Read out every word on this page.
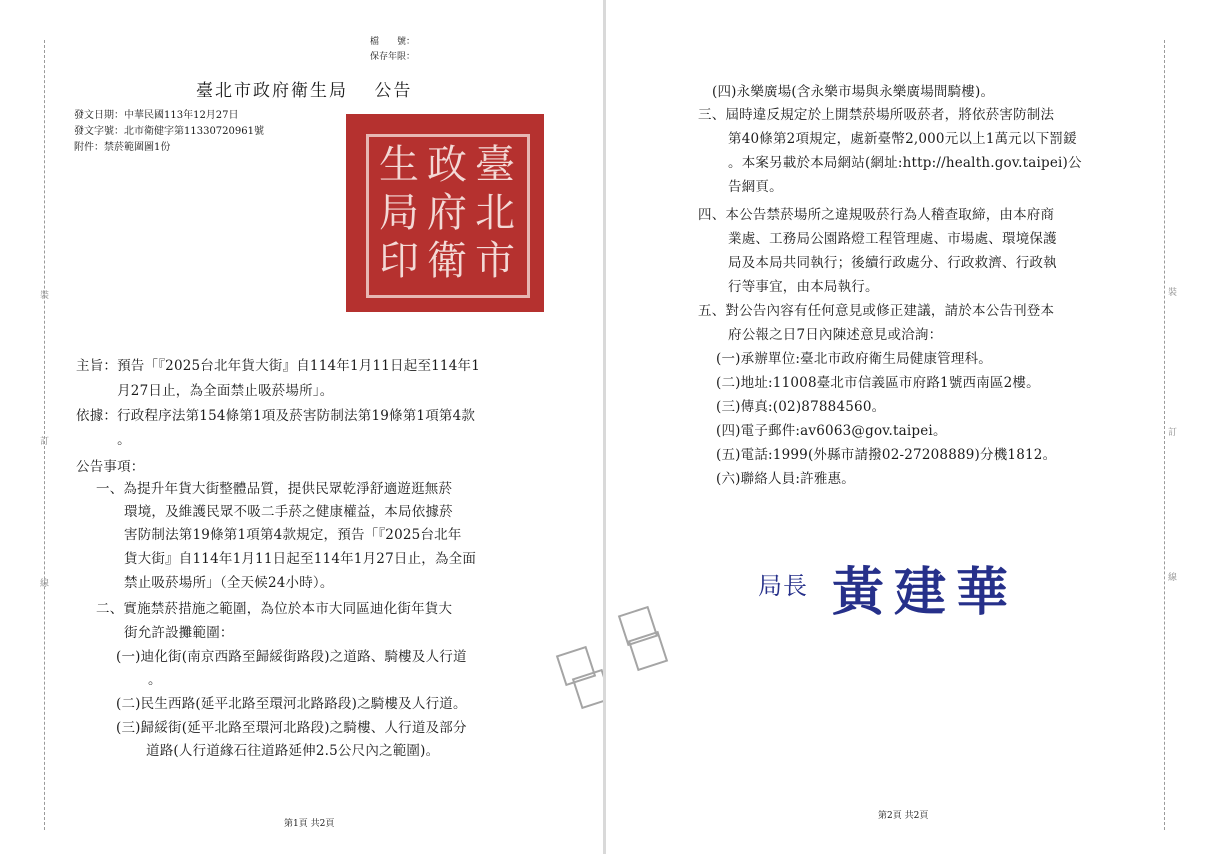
裝
訂
線
檔　　號：
保存年限：
臺北市政府衛生局　 公告
發文日期：中華民國113年12月27日
發文字號：北市衛健字第11330720961號
附件：禁菸範圍圖1份	臺
北
市
政
府
衛
生
局
印
主旨：預告「『2025台北年貨大街』自114年1月11日起至114年1
　　　月27日止，為全面禁止吸菸場所」。
依據：行政程序法第154條第1項及菸害防制法第19條第1項第4款
　　　。
公告事項：
一、為提升年貨大街整體品質，提供民眾乾淨舒適遊逛無菸
環境，及維護民眾不吸二手菸之健康權益，本局依據菸
害防制法第19條第1項第4款規定，預告「『2025台北年
貨大街』自114年1月11日起至114年1月27日止，為全面
禁止吸菸場所」（全天候24小時）。
二、實施禁菸措施之範圍，為位於本市大同區迪化街年貨大
街允許設攤範圍：
(一)迪化街(南京西路至歸綏街路段)之道路、騎樓及人行道
。
(二)民生西路(延平北路至環河北路路段)之騎樓及人行道。
(三)歸綏街(延平北路至環河北路段)之騎樓、人行道及部分
道路(人行道緣石往道路延伸2.5公尺內之範圍)。
第1頁 共2頁
裝
訂
線
(四)永樂廣場(含永樂市場與永樂廣場間騎樓)。
三、屆時違反規定於上開禁菸場所吸菸者，將依菸害防制法
第40條第2項規定，處新臺幣2,000元以上1萬元以下罰鍰
。本案另載於本局網站(網址:http://health.gov.taipei)公
告網頁。
四、本公告禁菸場所之違規吸菸行為人稽查取締，由本府商
業處、工務局公園路燈工程管理處、市場處、環境保護
局及本局共同執行；後續行政處分、行政救濟、行政執
行等事宜，由本局執行。
五、對公告內容有任何意見或修正建議，請於本公告刊登本
府公報之日7日內陳述意見或洽詢：
(一)承辦單位:臺北市政府衛生局健康管理科。
(二)地址:11008臺北市信義區市府路1號西南區2樓。
(三)傳真:(02)87884560。
(四)電子郵件:av6063@gov.taipei。
(五)電話:1999(外縣市請撥02-27208889)分機1812。
(六)聯絡人員:許雅惠。
局長 黃建華
第2頁 共2頁
